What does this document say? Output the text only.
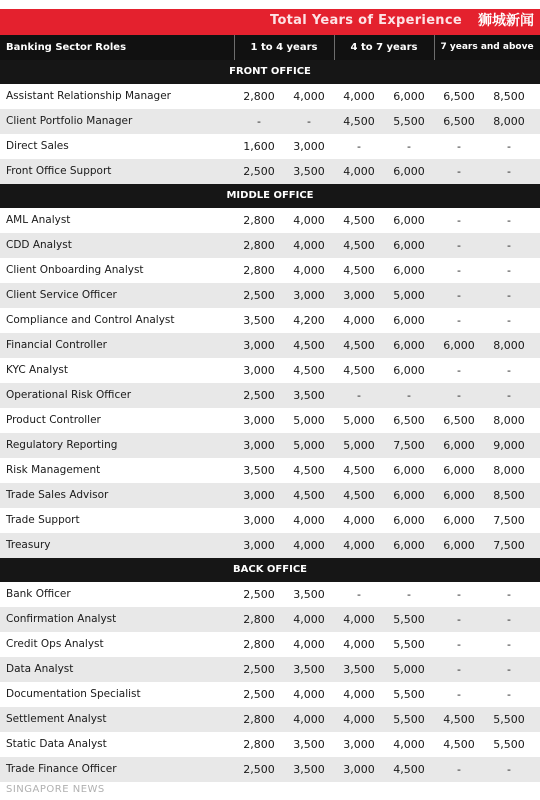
Total Years of Experience 狮城新闻
Banking Sector Roles	1 to 4 years	4 to 7 years	7 years and above
FRONT OFFICE
Assistant Relationship Manager	2,800	4,000	4,000	6,000	6,500	8,500
Client Portfolio Manager	-	-	4,500	5,500	6,500	8,000
Direct Sales	1,600	3,000	-	-	-	-
Front Office Support	2,500	3,500	4,000	6,000	-	-
MIDDLE OFFICE
AML Analyst	2,800	4,000	4,500	6,000	-	-
CDD Analyst	2,800	4,000	4,500	6,000	-	-
Client Onboarding Analyst	2,800	4,000	4,500	6,000	-	-
Client Service Officer	2,500	3,000	3,000	5,000	-	-
Compliance and Control Analyst	3,500	4,200	4,000	6,000	-	-
Financial Controller	3,000	4,500	4,500	6,000	6,000	8,000
KYC Analyst	3,000	4,500	4,500	6,000	-	-
Operational Risk Officer	2,500	3,500	-	-	-	-
Product Controller	3,000	5,000	5,000	6,500	6,500	8,000
Regulatory Reporting	3,000	5,000	5,000	7,500	6,000	9,000
Risk Management	3,500	4,500	4,500	6,000	6,000	8,000
Trade Sales Advisor	3,000	4,500	4,500	6,000	6,000	8,500
Trade Support	3,000	4,000	4,000	6,000	6,000	7,500
Treasury	3,000	4,000	4,000	6,000	6,000	7,500
BACK OFFICE
Bank Officer	2,500	3,500	-	-	-	-
Confirmation Analyst	2,800	4,000	4,000	5,500	-	-
Credit Ops Analyst	2,800	4,000	4,000	5,500	-	-
Data Analyst	2,500	3,500	3,500	5,000	-	-
Documentation Specialist	2,500	4,000	4,000	5,500	-	-
Settlement Analyst	2,800	4,000	4,000	5,500	4,500	5,500
Static Data Analyst	2,800	3,500	3,000	4,000	4,500	5,500
Trade Finance Officer	2,500	3,500	3,000	4,500	-	-
SINGAPORE NEWS
